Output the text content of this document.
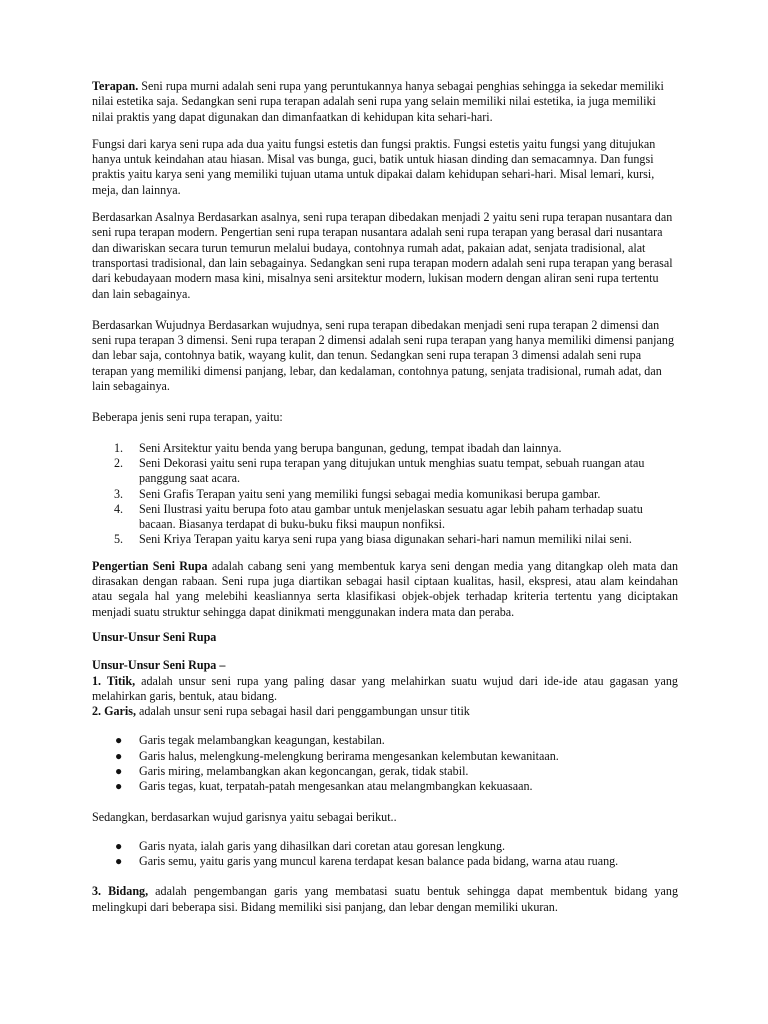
Terapan. Seni rupa murni adalah seni rupa yang peruntukannya hanya sebagai penghias sehingga ia sekedar memiliki nilai estetika saja. Sedangkan seni rupa terapan adalah seni rupa yang selain memiliki nilai estetika, ia juga memiliki nilai praktis yang dapat digunakan dan dimanfaatkan di kehidupan kita sehari-hari.

Fungsi dari karya seni rupa ada dua yaitu fungsi estetis dan fungsi praktis. Fungsi estetis yaitu fungsi yang ditujukan hanya untuk keindahan atau hiasan. Misal vas bunga, guci, batik untuk hiasan dinding dan semacamnya. Dan fungsi praktis yaitu karya seni yang memiliki tujuan utama untuk dipakai dalam kehidupan sehari-hari. Misal lemari, kursi, meja, dan lainnya.

Berdasarkan Asalnya Berdasarkan asalnya, seni rupa terapan dibedakan menjadi 2 yaitu seni rupa terapan nusantara dan seni rupa terapan modern. Pengertian seni rupa terapan nusantara adalah seni rupa terapan yang berasal dari nusantara dan diwariskan secara turun temurun melalui budaya, contohnya rumah adat, pakaian adat, senjata tradisional, alat transportasi tradisional, dan lain sebagainya. Sedangkan seni rupa terapan modern adalah seni rupa terapan yang berasal dari kebudayaan modern masa kini, misalnya seni arsitektur modern, lukisan modern dengan aliran seni rupa tertentu dan lain sebagainya.

Berdasarkan Wujudnya Berdasarkan wujudnya, seni rupa terapan dibedakan menjadi seni rupa terapan 2 dimensi dan seni rupa terapan 3 dimensi. Seni rupa terapan 2 dimensi adalah seni rupa terapan yang hanya memiliki dimensi panjang dan lebar saja, contohnya batik, wayang kulit, dan tenun. Sedangkan seni rupa terapan 3 dimensi adalah seni rupa terapan yang memiliki dimensi panjang, lebar, dan kedalaman, contohnya patung, senjata tradisional, rumah adat, dan lain sebagainya.

Beberapa jenis seni rupa terapan, yaitu:

1. Seni Arsitektur yaitu benda yang berupa bangunan, gedung, tempat ibadah dan lainnya.
2. Seni Dekorasi yaitu seni rupa terapan yang ditujukan untuk menghias suatu tempat, sebuah ruangan atau panggung saat acara.
3. Seni Grafis Terapan yaitu seni yang memiliki fungsi sebagai media komunikasi berupa gambar.
4. Seni Ilustrasi yaitu berupa foto atau gambar untuk menjelaskan sesuatu agar lebih paham terhadap suatu bacaan. Biasanya terdapat di buku-buku fiksi maupun nonfiksi.
5. Seni Kriya Terapan yaitu karya seni rupa yang biasa digunakan sehari-hari namun memiliki nilai seni.

Pengertian Seni Rupa adalah cabang seni yang membentuk karya seni dengan media yang ditangkap oleh mata dan dirasakan dengan rabaan. Seni rupa juga diartikan sebagai hasil ciptaan kualitas, hasil, ekspresi, atau alam keindahan atau segala hal yang melebihi keasliannya serta klasifikasi objek-objek terhadap kriteria tertentu yang diciptakan menjadi suatu struktur sehingga dapat dinikmati menggunakan indera mata dan peraba.

Unsur-Unsur Seni Rupa

Unsur-Unsur Seni Rupa –

1. Titik, adalah unsur seni rupa yang paling dasar yang melahirkan suatu wujud dari ide-ide atau gagasan yang melahirkan garis, bentuk, atau bidang.

2. Garis, adalah unsur seni rupa sebagai hasil dari penggambungan unsur titik

● Garis tegak melambangkan keagungan, kestabilan.
● Garis halus, melengkung-melengkung berirama mengesankan kelembutan kewanitaan.
● Garis miring, melambangkan akan kegoncangan, gerak, tidak stabil.
● Garis tegas, kuat, terpatah-patah mengesankan atau melangmbangkan kekuasaan.

Sedangkan, berdasarkan wujud garisnya yaitu sebagai berikut..

● Garis nyata, ialah garis yang dihasilkan dari coretan atau goresan lengkung.
● Garis semu, yaitu garis yang muncul karena terdapat kesan balance pada bidang, warna atau ruang.

3. Bidang, adalah pengembangan garis yang membatasi suatu bentuk sehingga dapat membentuk bidang yang melingkupi dari beberapa sisi. Bidang memiliki sisi panjang, dan lebar dengan memiliki ukuran.
